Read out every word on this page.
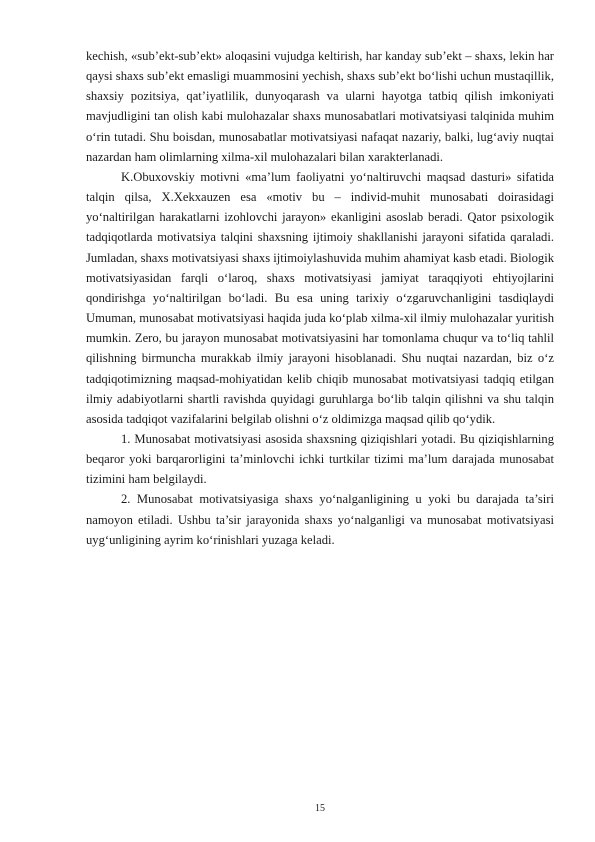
kechish, «sub’ekt-sub’ekt» aloqasini vujudga keltirish, har kanday sub’ekt – shaxs, lekin har qaysi shaxs sub’ekt emasligi muammosini yechish, shaxs sub’ekt bo‘lishi uchun mustaqillik, shaxsiy pozitsiya, qat’iyatlilik, dunyoqarash va ularni hayotga tatbiq qilish imkoniyati mavjudligini tan olish kabi mulohazalar shaxs munosabatlari motivatsiyasi talqinida muhim o‘rin tutadi. Shu boisdan, munosabatlar motivatsiyasi nafaqat nazariy, balki, lug‘aviy nuqtai nazardan ham olimlarning xilma-xil mulohazalari bilan xarakterlanadi.

K.Obuxovskiy motivni «ma’lum faoliyatni yo‘naltiruvchi maqsad dasturi» sifatida talqin qilsa, X.Xekxauzen esa «motiv bu – individ-muhit munosabati doirasidagi yo‘naltirilgan harakatlarni izohlovchi jarayon» ekanligini asoslab beradi. Qator psixologik tadqiqotlarda motivatsiya talqini shaxsning ijtimoiy shakllanishi jarayoni sifatida qaraladi. Jumladan, shaxs motivatsiyasi shaxs ijtimoiylashuvida muhim ahamiyat kasb etadi. Biologik motivatsiyasidan farqli o‘laroq, shaxs motivatsiyasi jamiyat taraqqiyoti ehtiyojlarini qondirishga yo‘naltirilgan bo‘ladi. Bu esa uning tarixiy o‘zgaruvchanligini tasdiqlaydi Umuman, munosabat motivatsiyasi haqida juda ko‘plab xilma-xil ilmiy mulohazalar yuritish mumkin. Zero, bu jarayon munosabat motivatsiyasini har tomonlama chuqur va to‘liq tahlil qilishning birmuncha murakkab ilmiy jarayoni hisoblanadi. Shu nuqtai nazardan, biz o‘z tadqiqotimizning maqsad-mohiyatidan kelib chiqib munosabat motivatsiyasi tadqiq etilgan ilmiy adabiyotlarni shartli ravishda quyidagi guruhlarga bo‘lib talqin qilishni va shu talqin asosida tadqiqot vazifalarini belgilab olishni o‘z oldimizga maqsad qilib qo‘ydik.

1. Munosabat motivatsiyasi asosida shaxsning qiziqishlari yotadi. Bu qiziqishlarning beqaror yoki barqarorligini ta’minlovchi ichki turtkilar tizimi ma’lum darajada munosabat tizimini ham belgilaydi.

2. Munosabat motivatsiyasiga shaxs yo‘nalganligining u yoki bu darajada ta’siri namoyon etiladi. Ushbu ta’sir jarayonida shaxs yo‘nalganligi va munosabat motivatsiyasi uyg‘unligining ayrim ko‘rinishlari yuzaga keladi.

15
